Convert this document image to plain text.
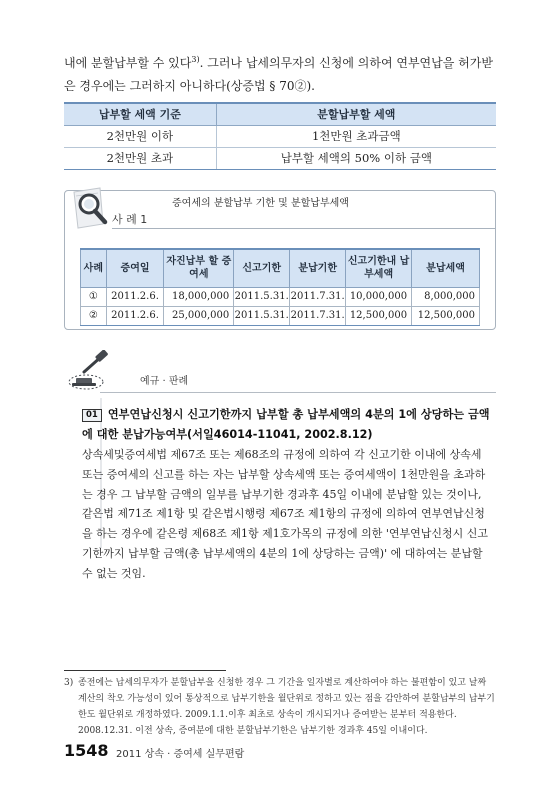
내에 분할납부할 수 있다$^{3)}$. 그러나 납세의무자의 신청에 의하여 연부연납을 허가받은 경우에는 그러하지 아니하다(상증법 § 70②).

납부할 세액 기준	분할납부할 세액
2천만원 이하	1천만원 초과금액
2천만원 초과	납부할 세액의 50% 이하 금액
사 례 1
증여세의 분할납부 기한 및 분할납부세액
사례	증여일	자진납부 할 증여세	신고기한	분납기한	신고기한내 납부세액	분납세액
①	2011.2.6.	18,000,000	2011.5.31.	2011.7.31.	10,000,000	8,000,000
②	2011.2.6.	25,000,000	2011.5.31.	2011.7.31.	12,500,000	12,500,000
예규 · 판례
01 연부연납신청시 신고기한까지 납부할 총 납부세액의 4분의 1에 상당하는 금액에 대한 분납가능여부(서일46014-11041, 2002.8.12)

상속세및증여세법 제67조 또는 제68조의 규정에 의하여 각 신고기한 이내에 상속세 또는 증여세의 신고를 하는 자는 납부할 상속세액 또는 증여세액이 1천만원을 초과하는 경우 그 납부할 금액의 일부를 납부기한 경과후 45일 이내에 분납할 있는 것이나, 같은법 제71조 제1항 및 같은법시행령 제67조 제1항의 규정에 의하여 연부연납신청을 하는 경우에 같은령 제68조 제1항 제1호가목의 규정에 의한 '연부연납신청시 신고기한까지 납부할 금액(총 납부세액의 4분의 1에 상당하는 금액)' 에 대하여는 분납할 수 없는 것임.

3) 종전에는 납세의무자가 분할납부을 신청한 경우 그 기간을 일자별로 계산하여야 하는 불편함이 있고 날짜 계산의 착오 가능성이 있어 통상적으로 납부기한을 월단위로 정하고 있는 점을 감안하여 분할납부의 납부기한도 월단위로 개정하였다. 2009.1.1.이후 최초로 상속이 개시되거나 증여받는 분부터 적용한다. 2008.12.31. 이전 상속, 증여분에 대한 분할납부기한은 납부기한 경과후 45일 이내이다.

1548 2011 상속 · 증여세 실무편람
